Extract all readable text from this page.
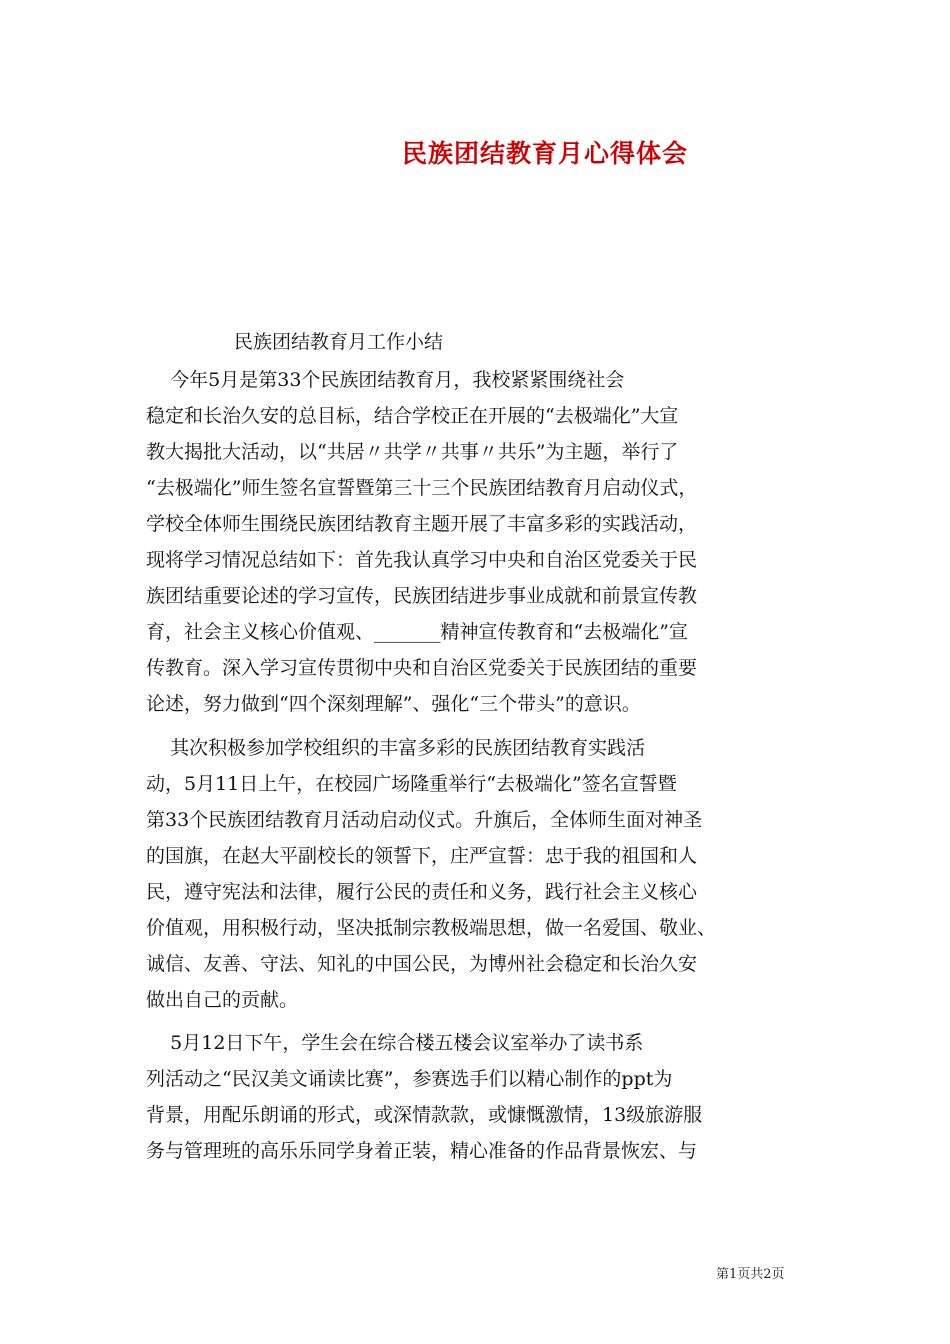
民族团结教育月心得体会
民族团结教育月工作小结
今年5月是第33个民族团结教育月，我校紧紧围绕社会
稳定和长治久安的总目标，结合学校正在开展的“去极端化”大宣
教大揭批大活动，以“共居〃共学〃共事〃共乐”为主题，举行了
“去极端化”师生签名宣誓暨第三十三个民族团结教育月启动仪式，
学校全体师生围绕民族团结教育主题开展了丰富多彩的实践活动，
现将学习情况总结如下：首先我认真学习中央和自治区党委关于民
族团结重要论述的学习宣传，民族团结进步事业成就和前景宣传教
育，社会主义核心价值观、_______精神宣传教育和“去极端化”宣
传教育。深入学习宣传贯彻中央和自治区党委关于民族团结的重要
论述，努力做到“四个深刻理解”、强化“三个带头”的意识。
其次积极参加学校组织的丰富多彩的民族团结教育实践活
动，5月11日上午，在校园广场隆重举行“去极端化”签名宣誓暨
第33个民族团结教育月活动启动仪式。升旗后，全体师生面对神圣
的国旗，在赵大平副校长的领誓下，庄严宣誓：忠于我的祖国和人
民，遵守宪法和法律，履行公民的责任和义务，践行社会主义核心
价值观，用积极行动，坚决抵制宗教极端思想，做一名爱国、敬业、
诚信、友善、守法、知礼的中国公民，为博州社会稳定和长治久安
做出自己的贡献。
5月12日下午，学生会在综合楼五楼会议室举办了读书系
列活动之“民汉美文诵读比赛”，参赛选手们以精心制作的ppt为
背景，用配乐朗诵的形式，或深情款款，或慷慨激情，13级旅游服
务与管理班的高乐乐同学身着正装，精心准备的作品背景恢宏、与
第1页共2页
